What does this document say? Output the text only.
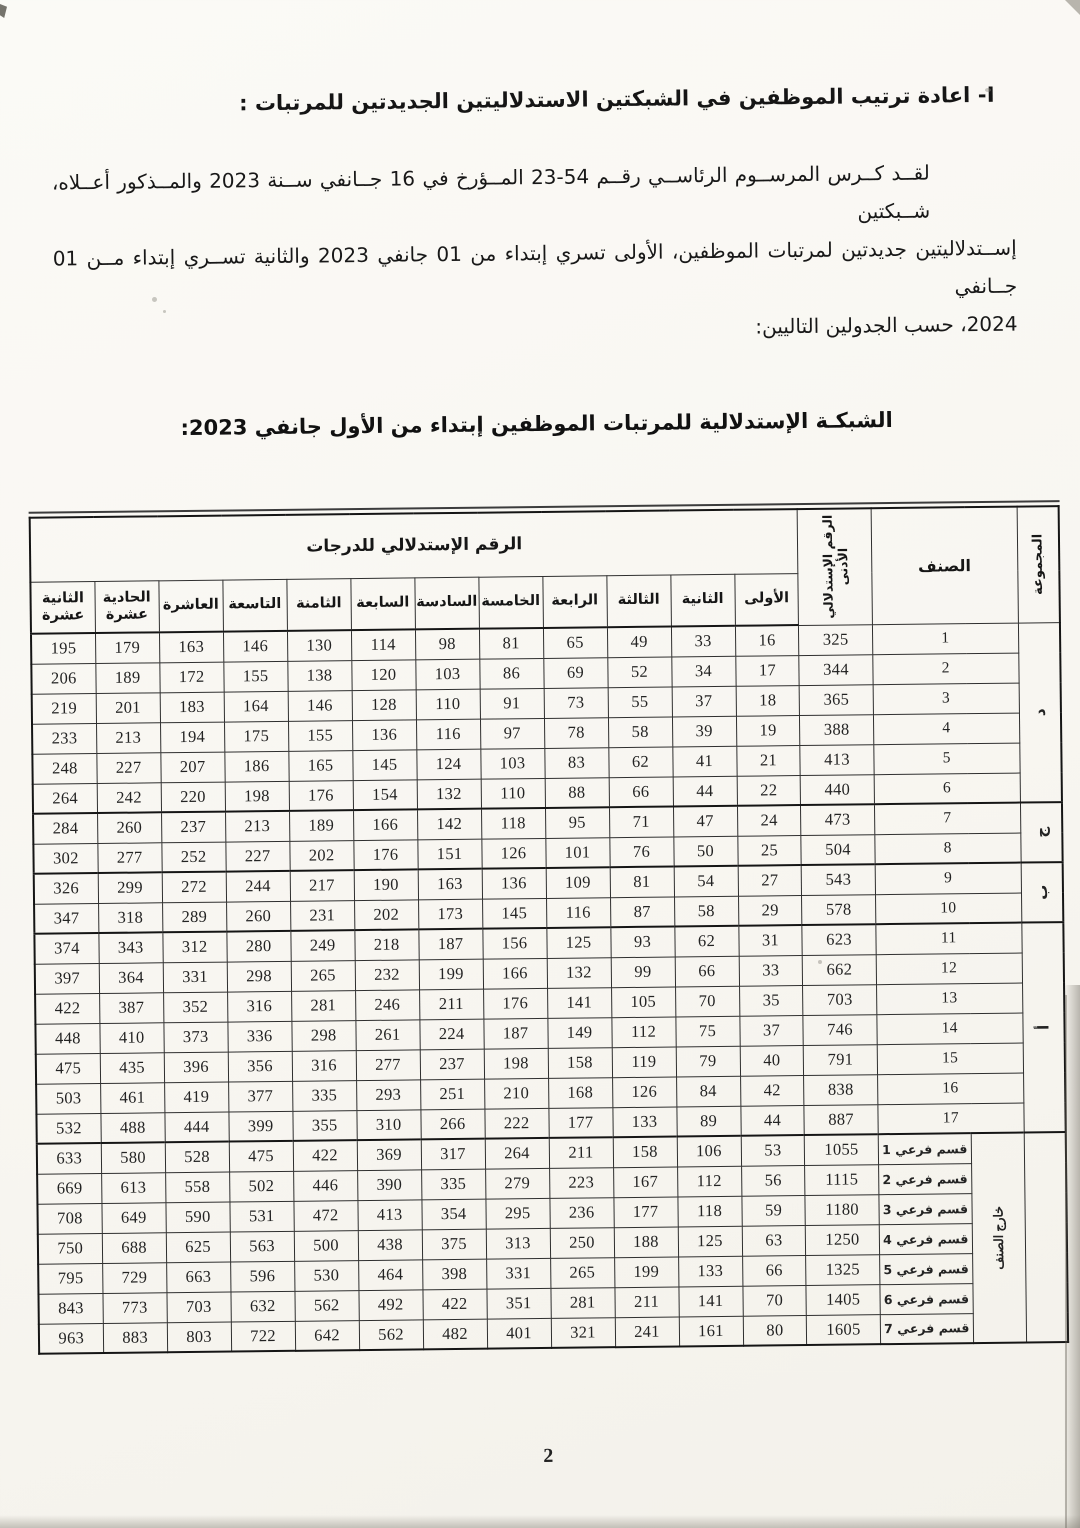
I- اعادة ترتيب الموظفين في الشبكتين الاستدلاليتين الجديدتين للمرتبات :
لقــد كــرس المرســوم الرئاســي رقــم 54-23 المــؤرخ في 16 جــانفي ســنة 2023 والمــذكور أعــلاه، شــبكتين
إســتدلاليتين جديدتين لمرتبات الموظفين، الأولى تسري إبتداء من 01 جانفي 2023 والثانية تســري إبتداء مــن 01 جــانفي
2024، حسب الجدولين التاليين:
الشبكـة الإستدلالية للمرتبات الموظفين إبتداء من الأول جانفي 2023:
المجموعة	الصنف		الرقم الإستدلالي الأدنى	الرقم الإستدلالي للدرجات											
				الأولى	الثانية	الثالثة	الرابعة	الخامسة	السادسة	السابعة	الثامنة	التاسعة	العاشرة	الحادية عشرة	الثانية عشرة

د	1		325	16	33	49	65	81	98	114	130	146	163	179	195
	2		344	17	34	52	69	86	103	120	138	155	172	189	206
	3		365	18	37	55	73	91	110	128	146	164	183	201	219
	4		388	19	39	58	78	97	116	136	155	175	194	213	233
	5		413	21	41	62	83	103	124	145	165	186	207	227	248
	6		440	22	44	66	88	110	132	154	176	198	220	242	264

ج	7		473	24	47	71	95	118	142	166	189	213	237	260	284
	8		504	25	50	76	101	126	151	176	202	227	252	277	302

ب	9		543	27	54	81	109	136	163	190	217	244	272	299	326
	10		578	29	58	87	116	145	173	202	231	260	289	318	347

أ	11		623	31	62	93	125	156	187	218	249	280	312	343	374
	12		662	33	66	99	132	166	199	232	265	298	331	364	397
	13		703	35	70	105	141	176	211	246	281	316	352	387	422
	14		746	37	75	112	149	187	224	261	298	336	373	410	448
	15		791	40	79	119	158	198	237	277	316	356	396	435	475
	16		838	42	84	126	168	210	251	293	335	377	419	461	503
	17		887	44	89	133	177	222	266	310	355	399	444	488	532

	خارج الصنف	قسم فرعي 1	1055	53	106	158	211	264	317	369	422	475	528	580	633
		قسم فرعي 2	1115	56	112	167	223	279	335	390	446	502	558	613	669
		قسم فرعي 3	1180	59	118	177	236	295	354	413	472	531	590	649	708
		قسم فرعي 4	1250	63	125	188	250	313	375	438	500	563	625	688	750
		قسم فرعي 5	1325	66	133	199	265	331	398	464	530	596	663	729	795
		قسم فرعي 6	1405	70	141	211	281	351	422	492	562	632	703	773	843
		قسم فرعي 7	1605	80	161	241	321	401	482	562	642	722	803	883	963
2
